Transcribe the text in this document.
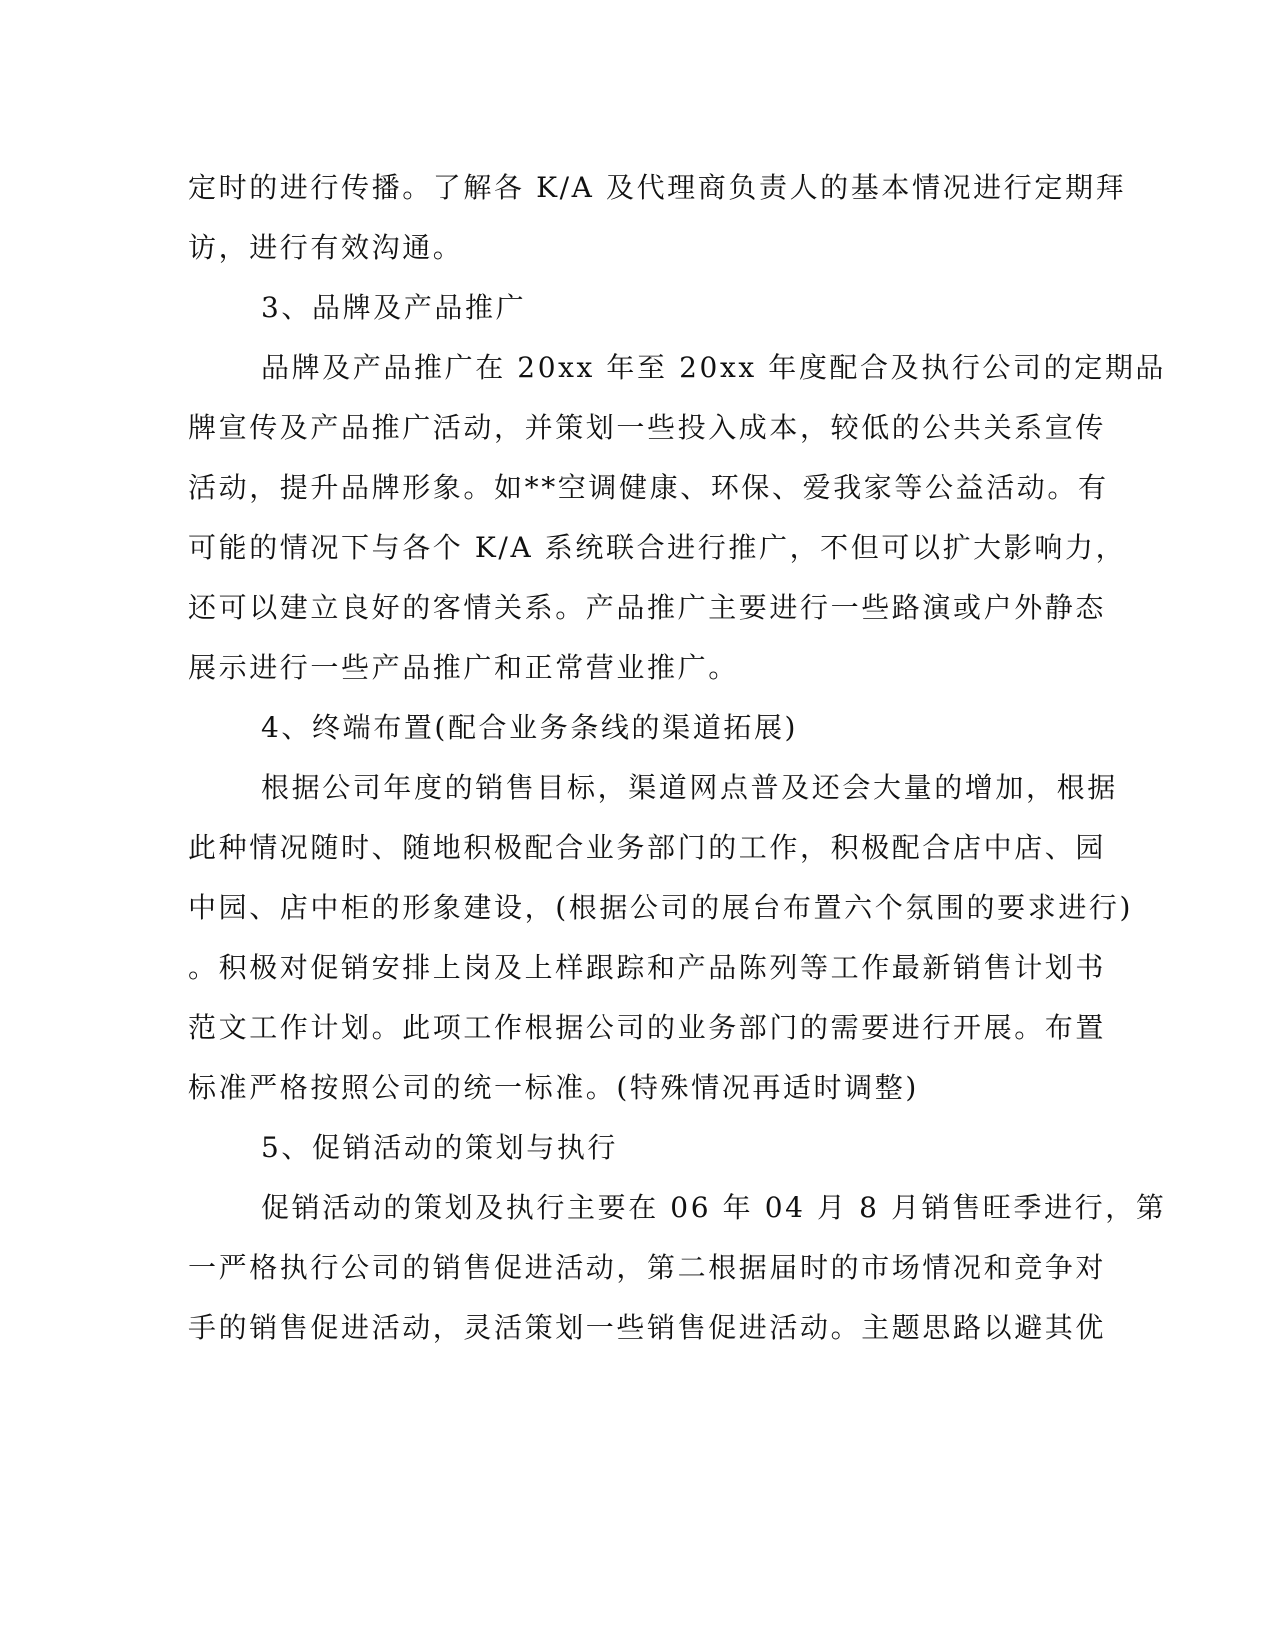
定时的进行传播。了解各 K/A 及代理商负责人的基本情况进行定期拜
访，进行有效沟通。
3、品牌及产品推广
品牌及产品推广在 20xx 年至 20xx 年度配合及执行公司的定期品
牌宣传及产品推广活动，并策划一些投入成本，较低的公共关系宣传
活动，提升品牌形象。如**空调健康、环保、爱我家等公益活动。有
可能的情况下与各个 K/A 系统联合进行推广，不但可以扩大影响力，
还可以建立良好的客情关系。产品推广主要进行一些路演或户外静态
展示进行一些产品推广和正常营业推广。
4、终端布置(配合业务条线的渠道拓展)
根据公司年度的销售目标，渠道网点普及还会大量的增加，根据
此种情况随时、随地积极配合业务部门的工作，积极配合店中店、园
中园、店中柜的形象建设，(根据公司的展台布置六个氛围的要求进行)
。积极对促销安排上岗及上样跟踪和产品陈列等工作最新销售计划书
范文工作计划。此项工作根据公司的业务部门的需要进行开展。布置
标准严格按照公司的统一标准。(特殊情况再适时调整)
5、促销活动的策划与执行
促销活动的策划及执行主要在 06 年 04 月 8 月销售旺季进行，第
一严格执行公司的销售促进活动，第二根据届时的市场情况和竞争对
手的销售促进活动，灵活策划一些销售促进活动。主题思路以避其优
